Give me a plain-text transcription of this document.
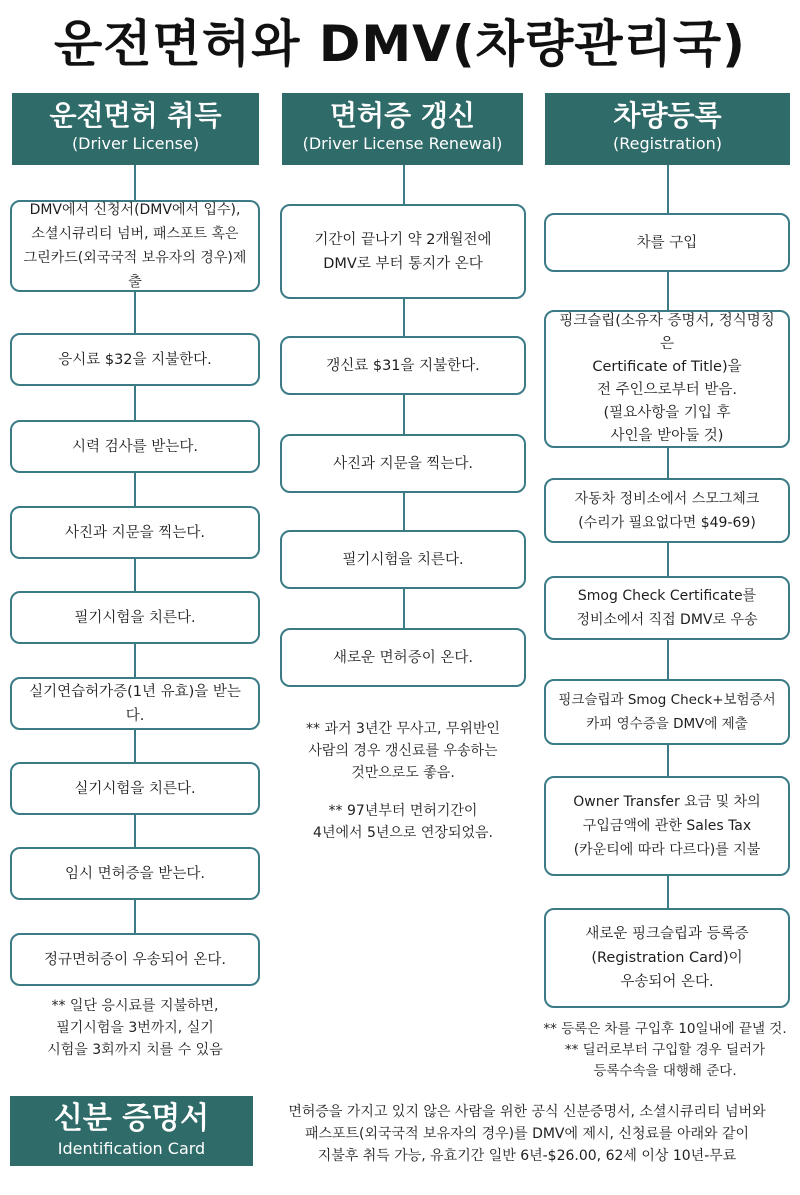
운전면허와 DMV(차량관리국)
운전면허 취득
(Driver License)
DMV에서 신청서(DMV에서 입수),
소셜시큐리티 넘버, 패스포트 혹은
그린카드(외국국적 보유자의 경우)제출
응시료 $32을 지불한다.
시력 검사를 받는다.
사진과 지문을 찍는다.
필기시험을 치른다.
실기연습허가증(1년 유효)을 받는다.
실기시험을 치른다.
임시 면허증을 받는다.
정규면허증이 우송되어 온다.
** 일단 응시료를 지불하면,
필기시험을 3번까지, 실기
시험을 3회까지 치를 수 있음
면허증 갱신
(Driver License Renewal)
기간이 끝나기 약 2개월전에
DMV로 부터 통지가 온다
갱신료 $31을 지불한다.
사진과 지문을 찍는다.
필기시험을 치른다.
새로운 면허증이 온다.
** 과거 3년간 무사고, 무위반인
사람의 경우 갱신료를 우송하는
것만으로도 좋음.
** 97년부터 면허기간이
4년에서 5년으로 연장되었음.
차량등록
(Registration)
차를 구입
핑크슬립(소유자 증명서, 정식명칭은
Certificate of Title)을
전 주인으로부터 받음.
(필요사항을 기입 후
사인을 받아둘 것)
자동차 정비소에서 스모그체크
(수리가 필요없다면 $49-69)
Smog Check Certificate를
정비소에서 직접 DMV로 우송
핑크슬립과 Smog Check+보험증서
카피 영수증을 DMV에 제출
Owner Transfer 요금 및 차의
구입금액에 관한 Sales Tax
(카운티에 따라 다르다)를 지불
새로운 핑크슬립과 등록증
(Registration Card)이
우송되어 온다.
** 등록은 차를 구입후 10일내에 끝낼 것.
** 딜러로부터 구입할 경우 딜러가
등록수속을 대행해 준다.
신분 증명서
Identification Card
면허증을 가지고 있지 않은 사람을 위한 공식 신분증명서, 소셜시큐리티 넘버와
패스포트(외국국적 보유자의 경우)를 DMV에 제시, 신청료를 아래와 같이
지불후 취득 가능, 유효기간 일반 6년-$26.00, 62세 이상 10년-무료
